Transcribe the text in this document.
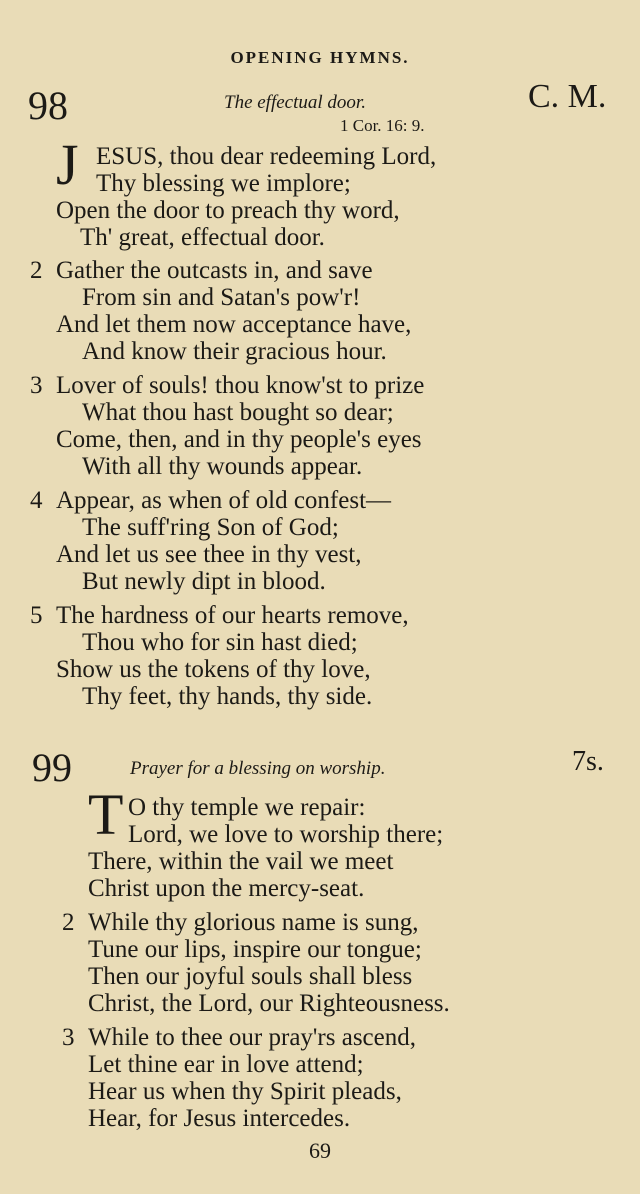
OPENING HYMNS.
98	The effectual door.	C. M.
1 Cor. 16: 9.
J ESUS, thou dear redeeming Lord,
Thy blessing we implore;
Open the door to preach thy word,
Th' great, effectual door.
2 Gather the outcasts in, and save
From sin and Satan's pow'r!
And let them now acceptance have,
And know their gracious hour.
3 Lover of souls! thou know'st to prize
What thou hast bought so dear;
Come, then, and in thy people's eyes
With all thy wounds appear.
4 Appear, as when of old confest—
The suff'ring Son of God;
And let us see thee in thy vest,
But newly dipt in blood.
5 The hardness of our hearts remove,
Thou who for sin hast died;
Show us the tokens of thy love,
Thy feet, thy hands, thy side.
99	Prayer for a blessing on worship.	7s.
T O thy temple we repair:
Lord, we love to worship there;
There, within the vail we meet
Christ upon the mercy-seat.
2 While thy glorious name is sung,
Tune our lips, inspire our tongue;
Then our joyful souls shall bless
Christ, the Lord, our Righteousness.
3 While to thee our pray'rs ascend,
Let thine ear in love attend;
Hear us when thy Spirit pleads,
Hear, for Jesus intercedes.
69
